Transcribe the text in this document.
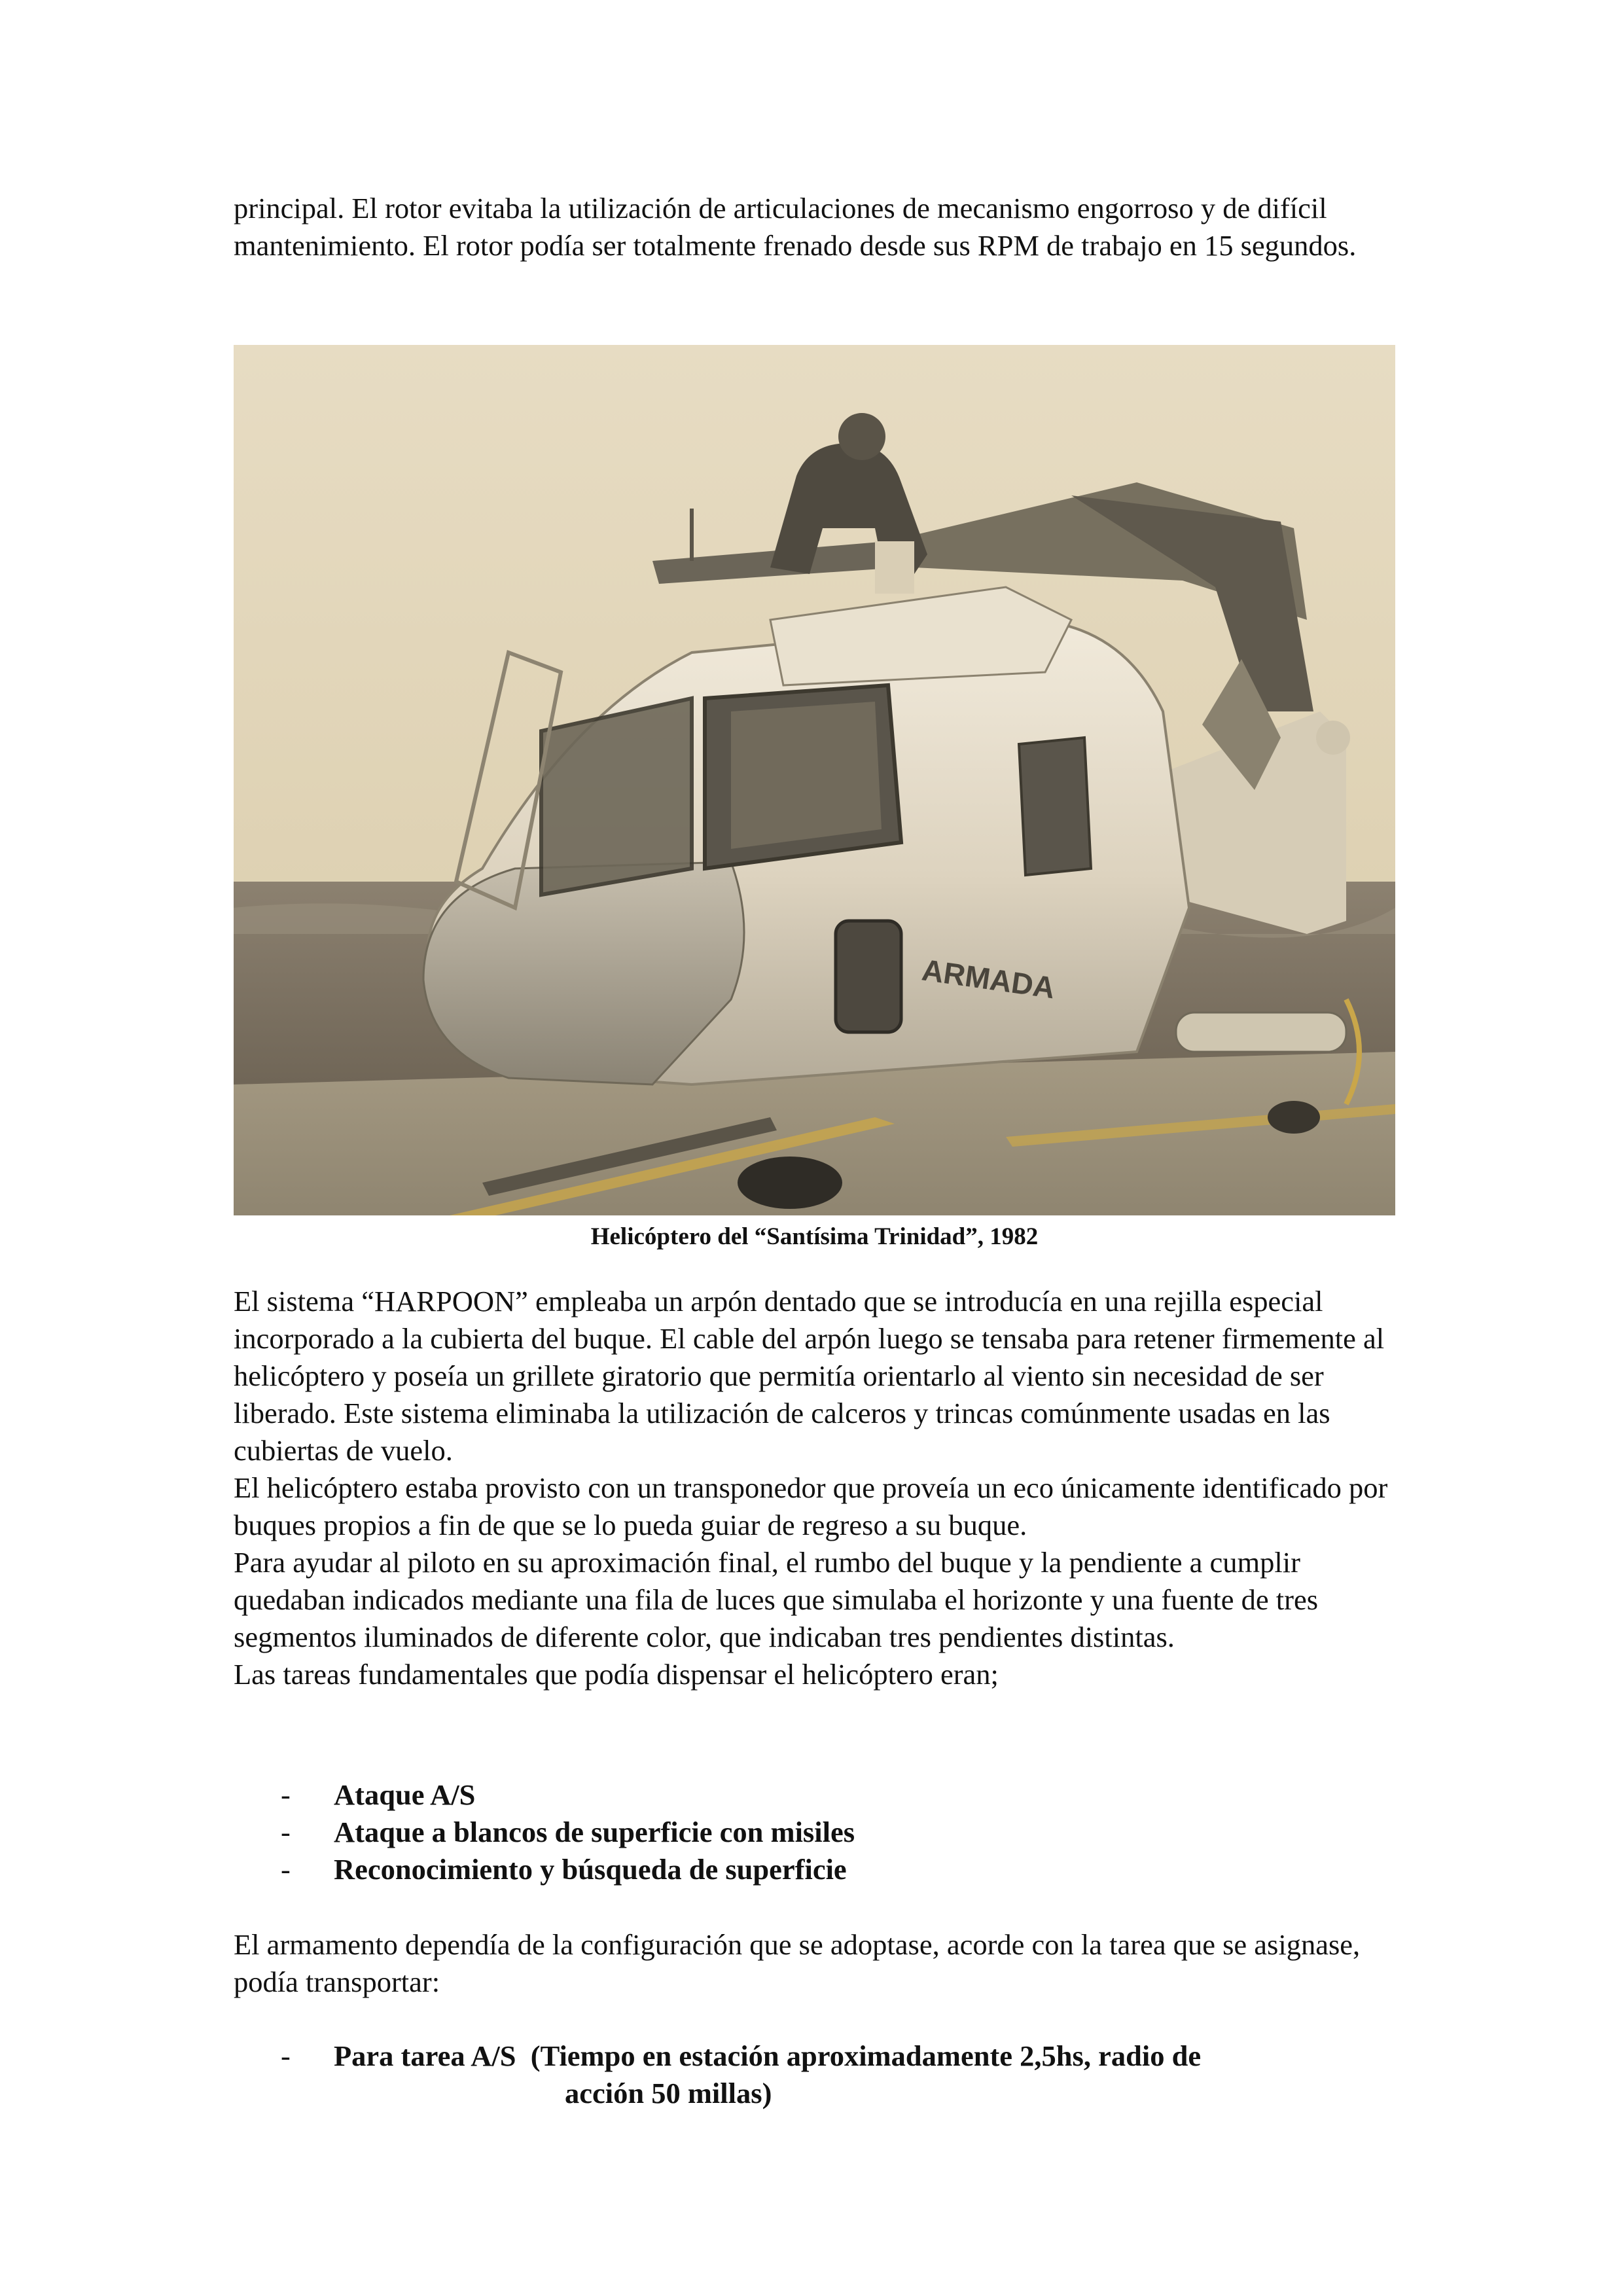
principal. El rotor evitaba la utilización de articulaciones de mecanismo engorroso y de difícil mantenimiento. El rotor podía ser totalmente frenado desde sus RPM de trabajo en 15 segundos.

ARMADA
Helicóptero del “Santísima Trinidad”, 1982

El sistema “HARPOON” empleaba un arpón dentado que se introducía en una rejilla especial incorporado a la cubierta del buque. El cable del arpón luego se tensaba para retener firmemente al helicóptero y poseía un grillete giratorio que permitía orientarlo al viento sin necesidad de ser liberado. Este sistema eliminaba la utilización de calceros y trincas comúnmente usadas en las cubiertas de vuelo.

El helicóptero estaba provisto con un transponedor que proveía un eco únicamente identificado por buques propios a fin de que se lo pueda guiar de regreso a su buque.

Para ayudar al piloto en su aproximación final, el rumbo del buque y la pendiente a cumplir quedaban indicados mediante una fila de luces que simulaba el horizonte y una fuente de tres segmentos iluminados de diferente color, que indicaban tres pendientes distintas.

Las tareas fundamentales que podía dispensar el helicóptero eran;

- Ataque A/S
- Ataque a blancos de superficie con misiles
- Reconocimiento y búsqueda de superficie

El armamento dependía de la configuración que se adoptase, acorde con la tarea que se asignase, podía transportar:

- Para tarea A/S  (Tiempo en estación aproximadamente 2,5hs, radio de
acción 50 millas)
